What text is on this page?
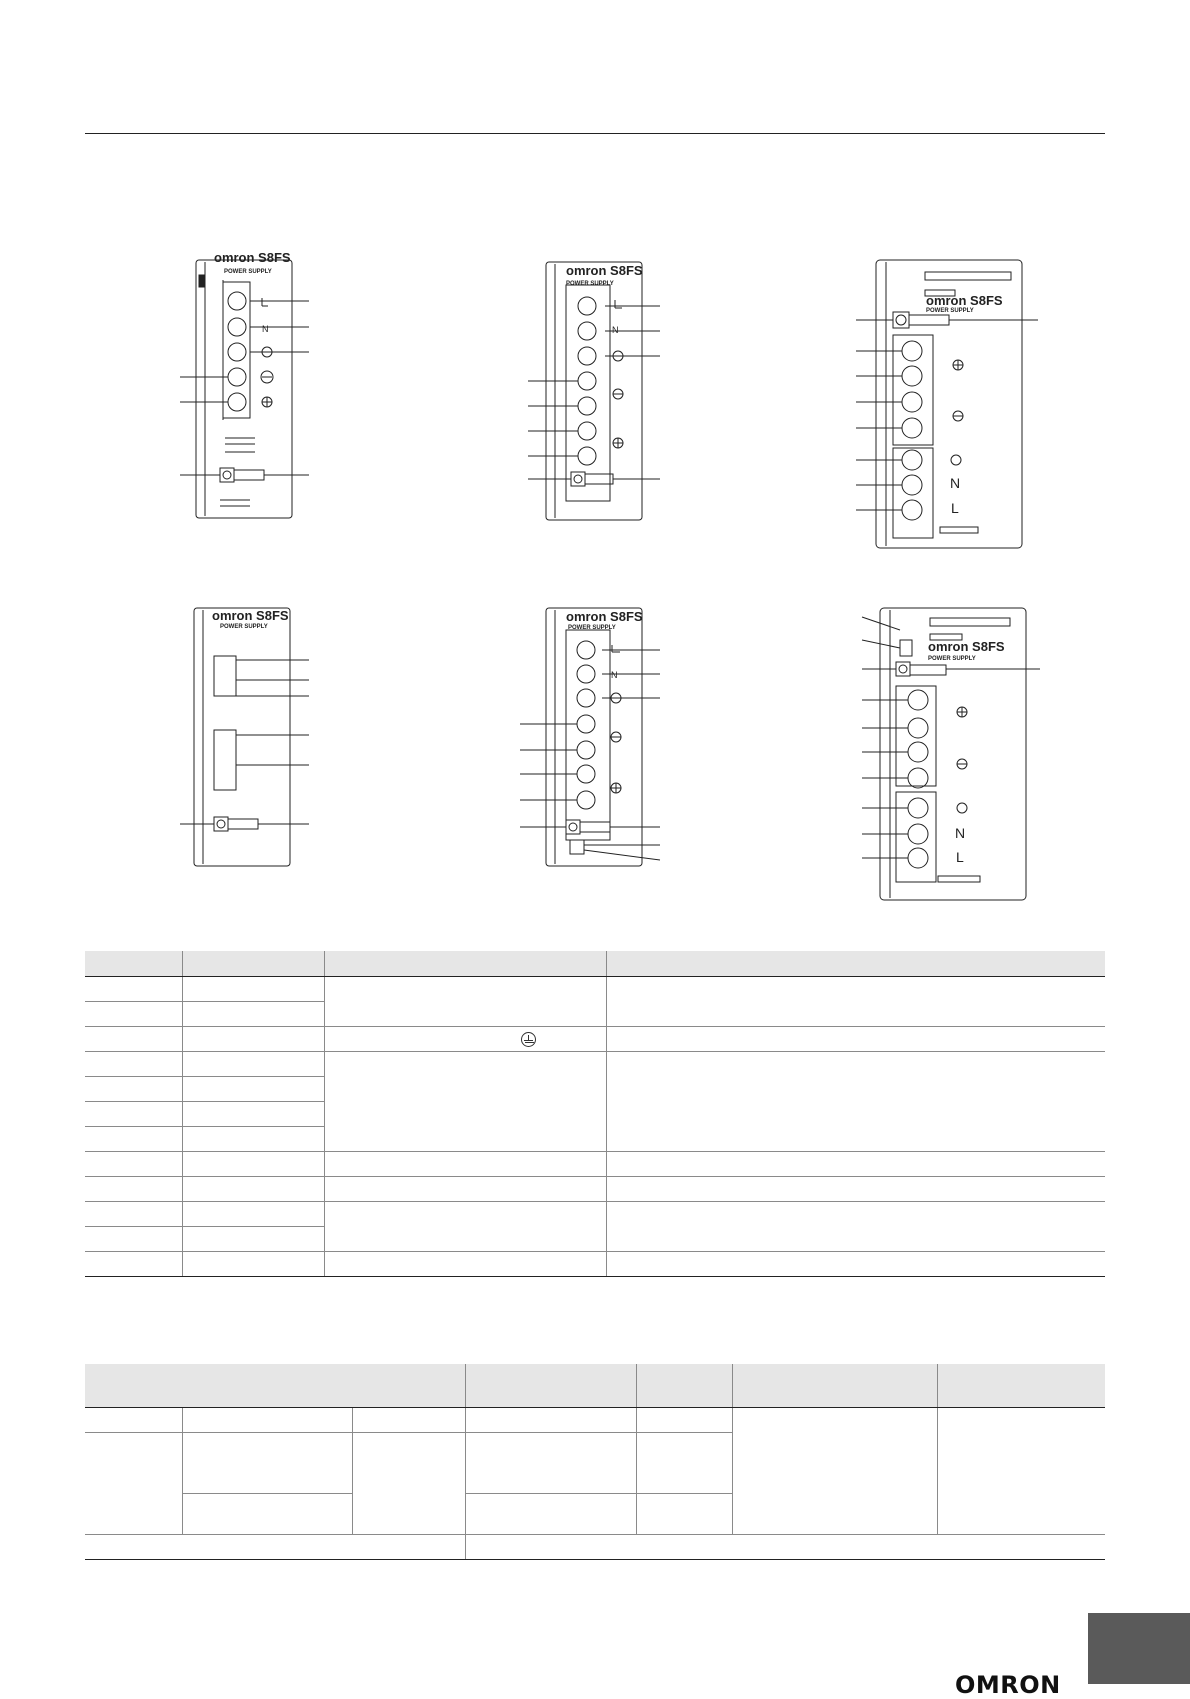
N
omron S8FS
POWER SUPPLY
N
omron S8FS
POWER SUPPLY
N
L
omron S8FS
POWER SUPPLY
omron S8FS
POWER SUPPLY
N
omron S8FS
POWER SUPPLY
N
L
omron S8FS
POWER SUPPLY

OMRON
